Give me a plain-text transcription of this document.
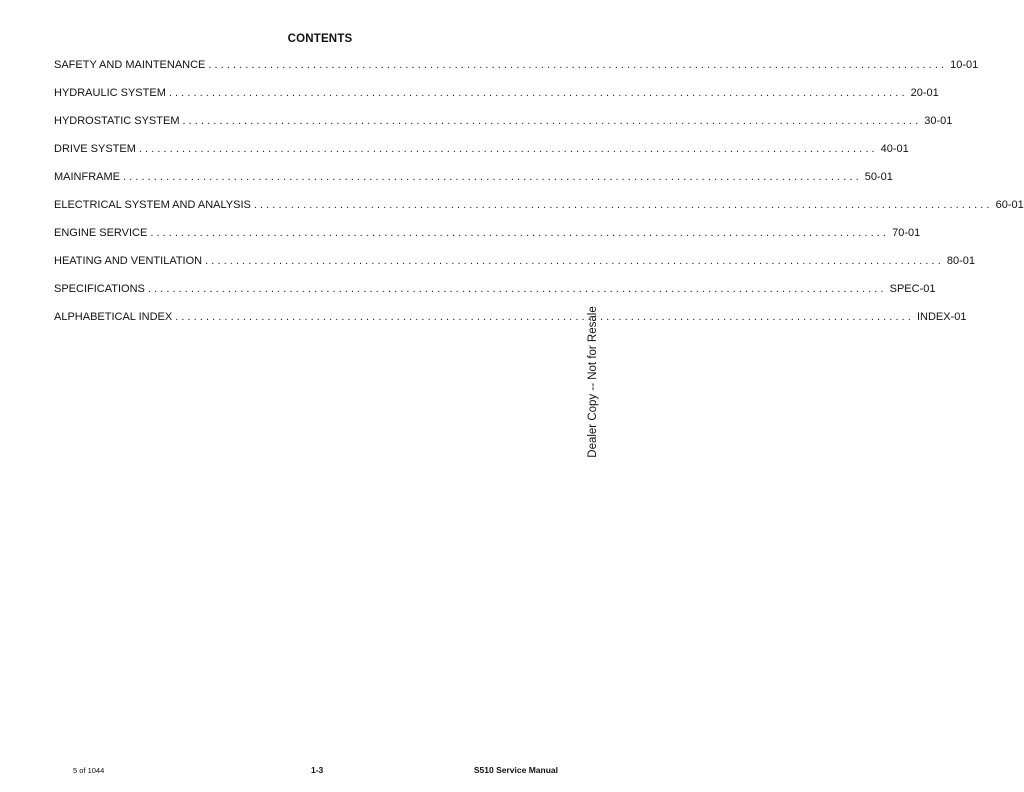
CONTENTS
SAFETY AND MAINTENANCE ........................................................................................................................ 10-01
HYDRAULIC SYSTEM ........................................................................................................................ 20-01
HYDROSTATIC SYSTEM ........................................................................................................................ 30-01
DRIVE SYSTEM ........................................................................................................................ 40-01
MAINFRAME ........................................................................................................................ 50-01
ELECTRICAL SYSTEM AND ANALYSIS ........................................................................................................................ 60-01
ENGINE SERVICE ........................................................................................................................ 70-01
HEATING AND VENTILATION ........................................................................................................................ 80-01
SPECIFICATIONS ........................................................................................................................ SPEC-01
ALPHABETICAL INDEX ........................................................................................................................ INDEX-01
Dealer Copy -- Not for Resale
5 of 1044	1-3	S510 Service Manual
